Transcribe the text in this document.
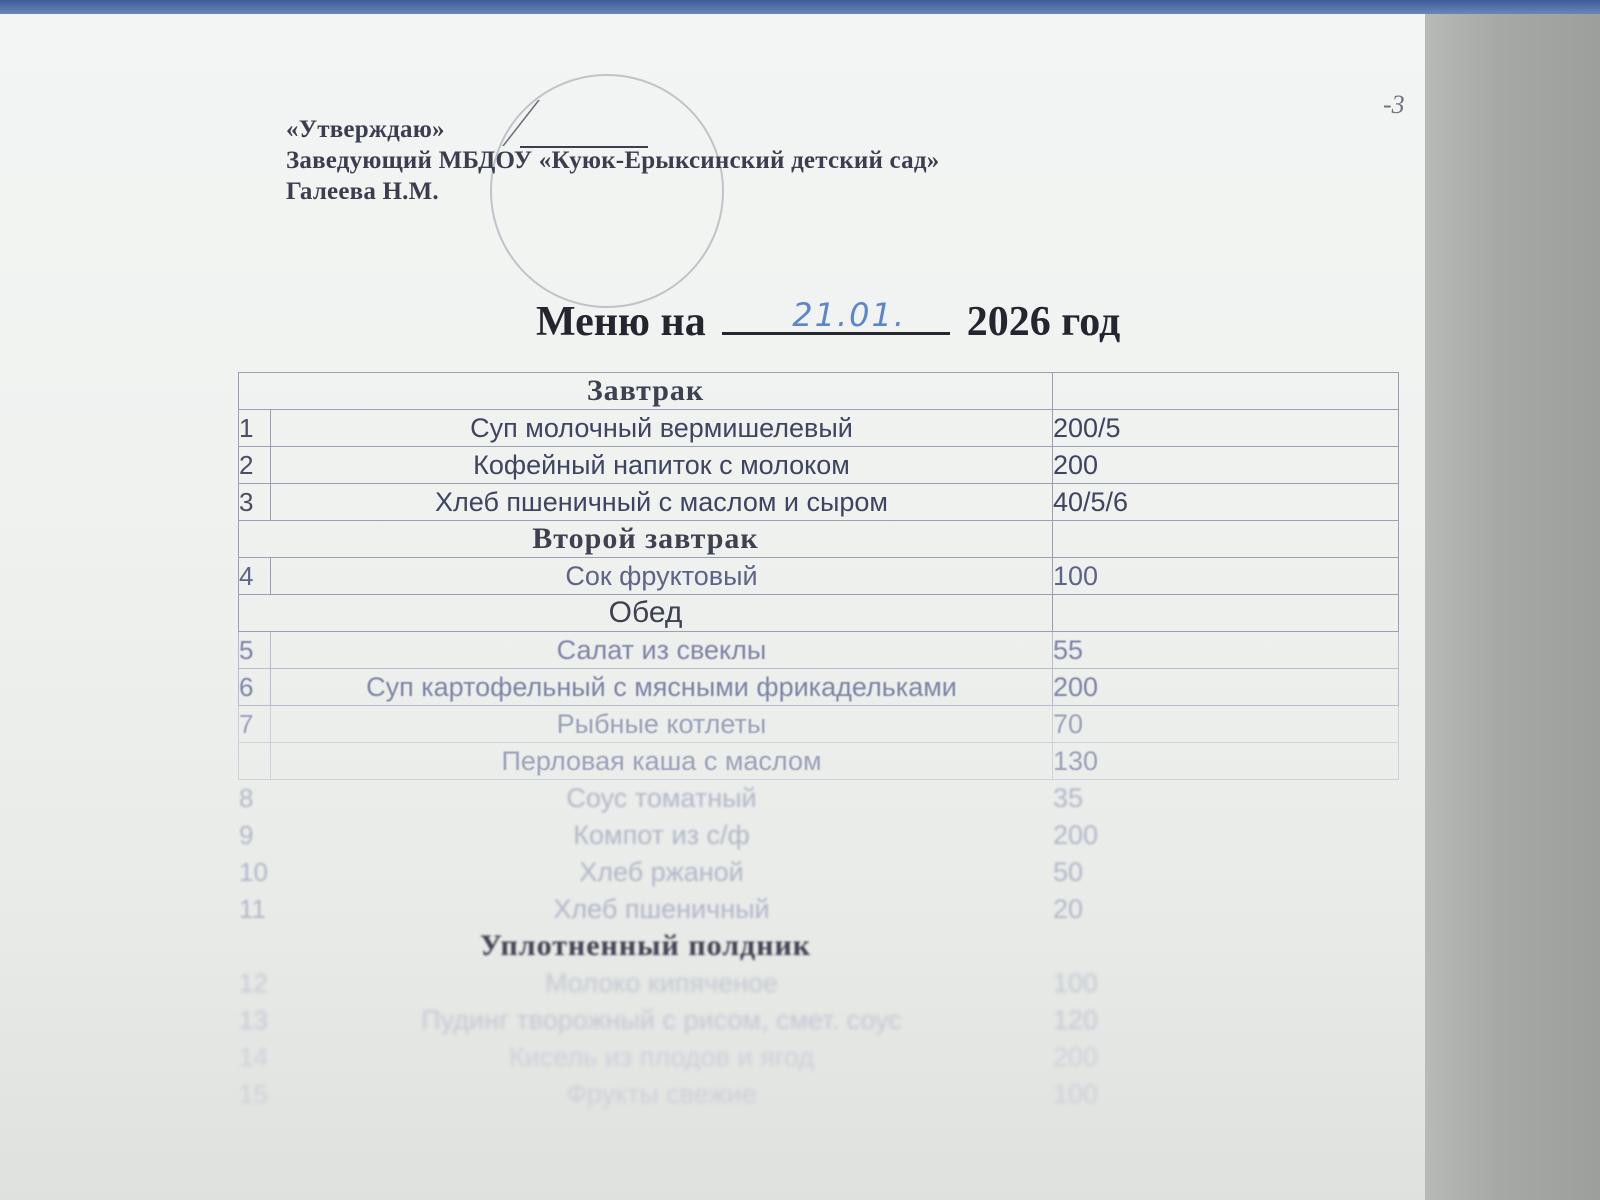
-3
«Утверждаю»
Заведующий МБДОУ «Куюк-Ерыксинский детский сад»
Галеева Н.М.
Меню на	21.01. 2026 год
Завтрак		
1	Суп молочный вермишелевый	200/5
2	Кофейный напиток с молоком	200
3	Хлеб пшеничный с маслом и сыром	40/5/6
Второй завтрак		
4	Сок фруктовый	100
Обед		
5	Салат из свеклы	55
6	Суп картофельный с мясными фрикадельками	200
7	Рыбные котлеты	70
	Перловая каша с маслом	130
8	Соус томатный	35
9	Компот из с/ф	200
10	Хлеб ржаной	50
11	Хлеб пшеничный	20
Уплотненный полдник		
12	Молоко кипяченое	100
13	Пудинг творожный с рисом, смет. соус	120
14	Кисель из плодов и ягод	200
15	Фрукты свежие	100
